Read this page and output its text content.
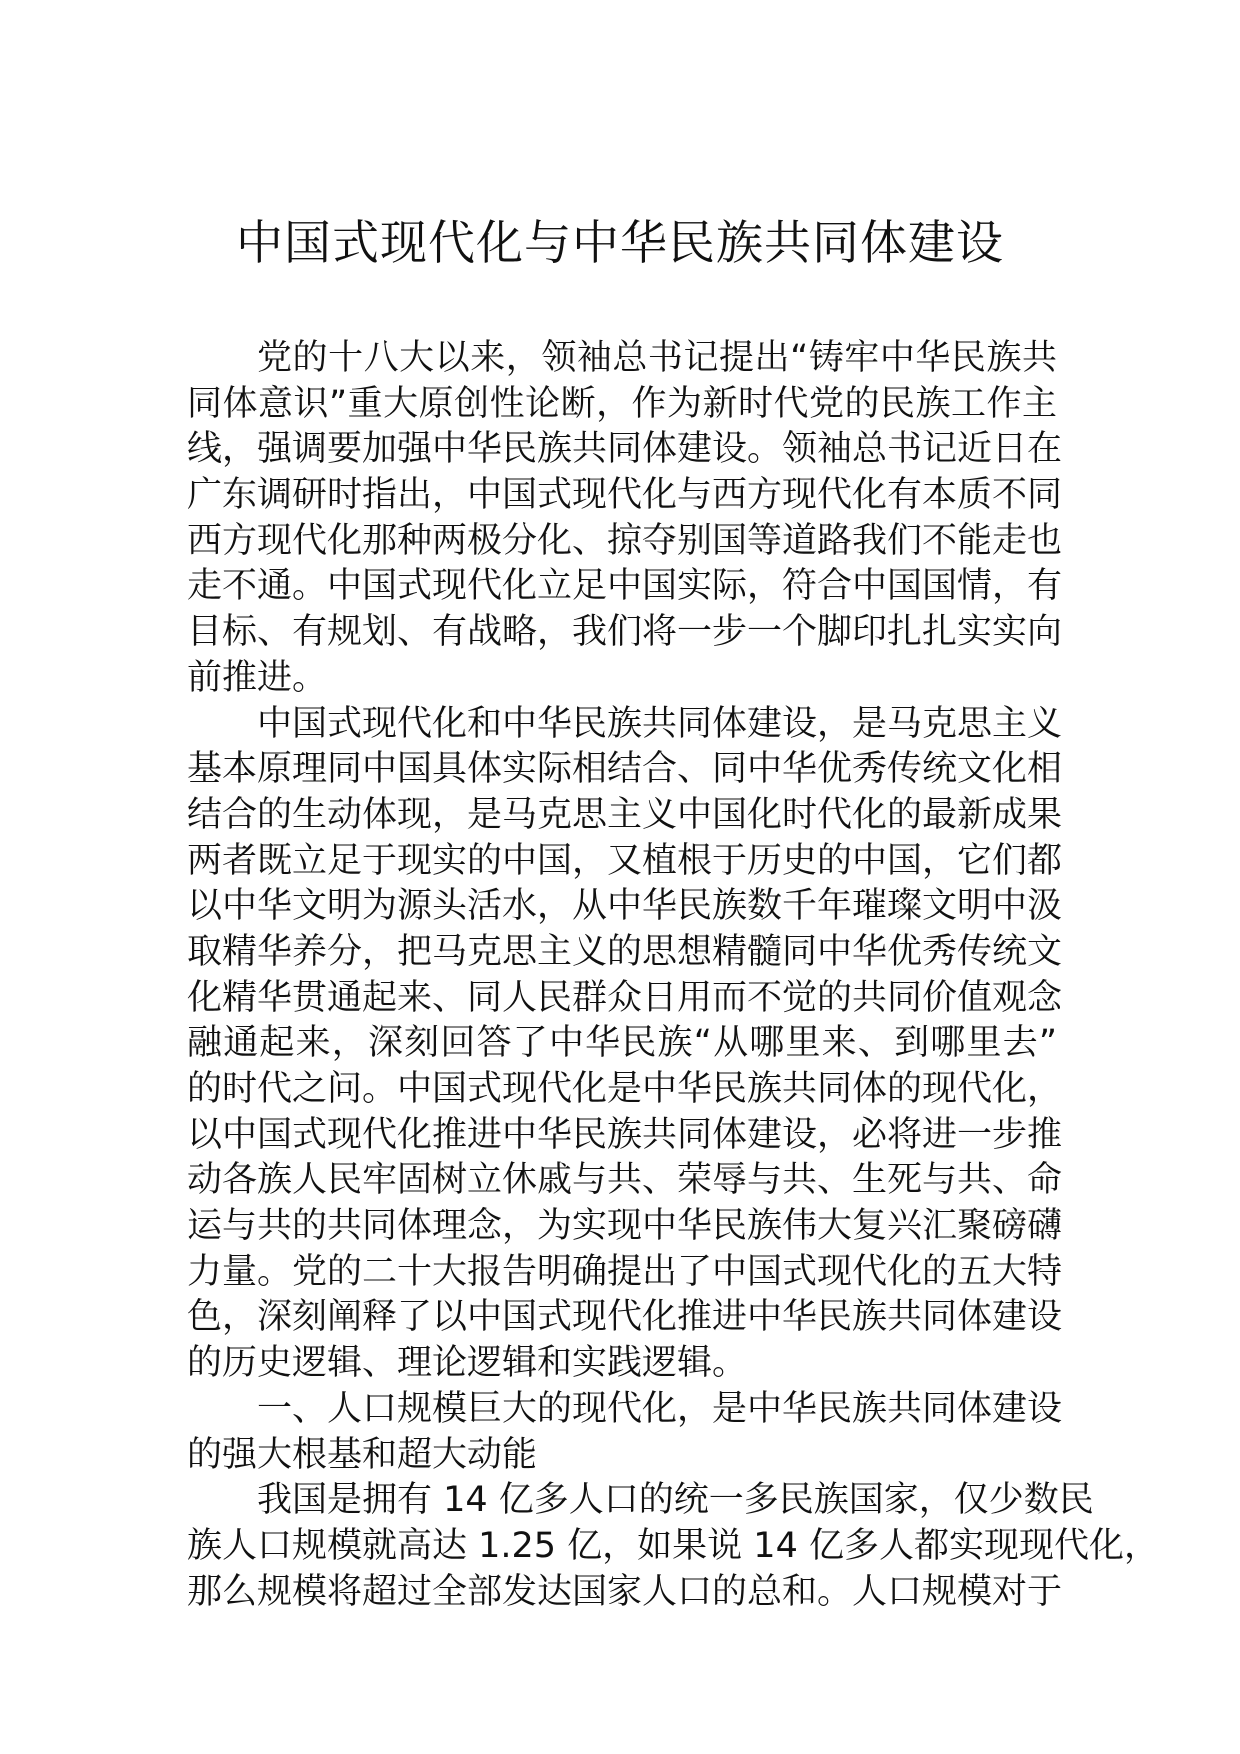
中国式现代化与中华民族共同体建设
党的十八大以来，领袖总书记提出“铸牢中华民族共
同体意识”重大原创性论断，作为新时代党的民族工作主
线，强调要加强中华民族共同体建设。领袖总书记近日在
广东调研时指出，中国式现代化与西方现代化有本质不同
西方现代化那种两极分化、掠夺别国等道路我们不能走也
走不通。中国式现代化立足中国实际，符合中国国情，有
目标、有规划、有战略，我们将一步一个脚印扎扎实实向
前推进。
中国式现代化和中华民族共同体建设，是马克思主义
基本原理同中国具体实际相结合、同中华优秀传统文化相
结合的生动体现，是马克思主义中国化时代化的最新成果
两者既立足于现实的中国，又植根于历史的中国，它们都
以中华文明为源头活水，从中华民族数千年璀璨文明中汲
取精华养分，把马克思主义的思想精髓同中华优秀传统文
化精华贯通起来、同人民群众日用而不觉的共同价值观念
融通起来，深刻回答了中华民族“从哪里来、到哪里去”
的时代之问。中国式现代化是中华民族共同体的现代化，
以中国式现代化推进中华民族共同体建设，必将进一步推
动各族人民牢固树立休戚与共、荣辱与共、生死与共、命
运与共的共同体理念，为实现中华民族伟大复兴汇聚磅礴
力量。党的二十大报告明确提出了中国式现代化的五大特
色，深刻阐释了以中国式现代化推进中华民族共同体建设
的历史逻辑、理论逻辑和实践逻辑。
一、人口规模巨大的现代化，是中华民族共同体建设
的强大根基和超大动能
我国是拥有 14 亿多人口的统一多民族国家，仅少数民
族人口规模就高达 1.25 亿，如果说 14 亿多人都实现现代化，
那么规模将超过全部发达国家人口的总和。人口规模对于
